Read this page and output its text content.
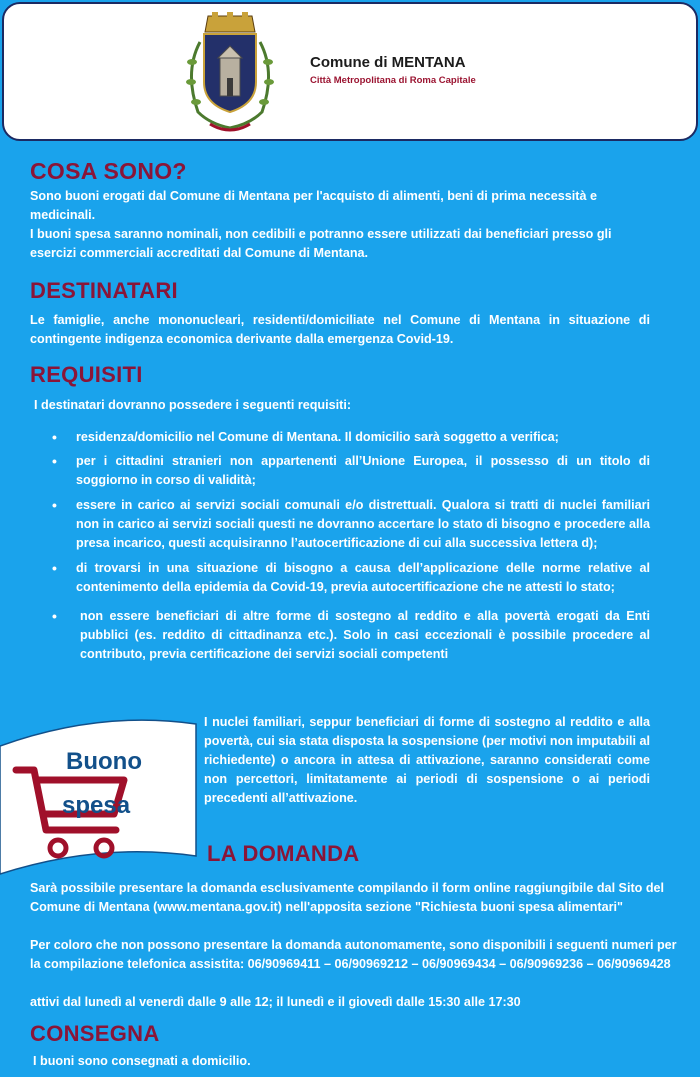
Comune di MENTANA
Città Metropolitana di Roma Capitale
COSA SONO?
Sono buoni erogati dal Comune di Mentana per l'acquisto di alimenti, beni di prima necessità e medicinali.
I buoni spesa saranno nominali, non cedibili e potranno essere utilizzati dai beneficiari presso gli esercizi commerciali accreditati dal Comune di Mentana.
DESTINATARI
Le famiglie, anche mononucleari, residenti/domiciliate nel Comune di Mentana in situazione di contingente indigenza economica derivante dalla emergenza Covid-19.
REQUISITI
I destinatari dovranno possedere i seguenti requisiti:
• residenza/domicilio nel Comune di Mentana. Il domicilio sarà soggetto a verifica;
• per i cittadini stranieri non appartenenti all’Unione Europea, il possesso di un titolo di soggiorno in corso di validità;
• essere in carico ai servizi sociali comunali e/o distrettuali. Qualora si tratti di nuclei familiari non in carico ai servizi sociali questi ne dovranno accertare lo stato di bisogno e procedere alla presa incarico, questi acquisiranno l’autocertificazione di cui alla successiva lettera d);
• di trovarsi in una situazione di bisogno a causa dell’applicazione delle norme relative al contenimento della epidemia da Covid-19, previa autocertificazione che ne attesti lo stato;
• non essere beneficiari di altre forme di sostegno al reddito e alla povertà erogati da Enti pubblici (es. reddito di cittadinanza etc.). Solo in casi eccezionali è possibile procedere al contributo, previa certificazione dei servizi sociali competenti
Buono
spesa
I nuclei familiari, seppur beneficiari di forme di sostegno al reddito e alla povertà, cui sia stata disposta la sospensione (per motivi non imputabili al richiedente) o ancora in attesa di attivazione, saranno considerati come non percettori, limitatamente ai periodi di sospensione o ai periodi precedenti all’attivazione.
LA DOMANDA
Sarà possibile presentare la domanda esclusivamente compilando il form online raggiungibile dal Sito del Comune di Mentana (www.mentana.gov.it) nell'apposita sezione "Richiesta buoni spesa alimentari"
Per coloro che non possono presentare la domanda autonomamente, sono disponibili i seguenti numeri per la compilazione telefonica assistita: 06/90969411 – 06/90969212 – 06/90969434 – 06/90969236 – 06/90969428
attivi dal lunedì al venerdì dalle 9 alle 12; il lunedì e il giovedì dalle 15:30 alle 17:30
CONSEGNA
I buoni sono consegnati a domicilio.
